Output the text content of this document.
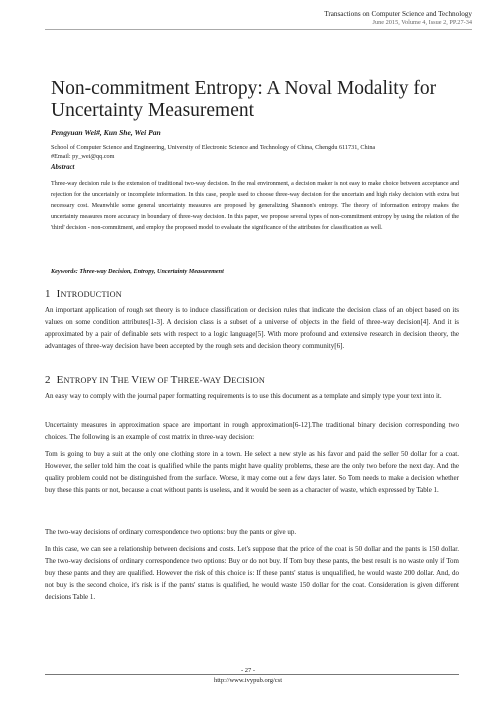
Transactions on Computer Science and Technology
June 2015, Volume 4, Issue 2, PP.27-34
Non-commitment Entropy: A Noval Modality for Uncertainty Measurement
Pengyuan Wei#, Kun She, Wei Pan
School of Computer Science and Engineering, University of Electronic Science and Technology of China, Chengdu 611731, China
#Email: py_wei@qq.com
Abstract
Three-way decision rule is the extension of traditional two-way decision. In the real environment, a decision maker is not easy to make choice between acceptance and rejection for the uncertainly or incomplete information. In this case, people used to choose three-way decision for the uncertain and high risky decision with extra but necessary cost. Meanwhile some general uncertainty measures are proposed by generalizing Shannon's entropy. The theory of information entropy makes the uncertainty measures more accuracy in boundary of three-way decision. In this paper, we propose several types of non-commitment entropy by using the relation of the 'third' decision - non-commitment, and employ the proposed model to evaluate the significance of the attributes for classification as well.
Keywords: Three-way Decision, Entropy, Uncertainty Measurement
1 INTRODUCTION
An important application of rough set theory is to induce classification or decision rules that indicate the decision class of an object based on its values on some condition attributes[1-3]. A decision class is a subset of a universe of objects in the field of three-way decision[4]. And it is approximated by a pair of definable sets with respect to a logic language[5]. With more profound and extensive research in decision theory, the advantages of three-way decision have been accepted by the rough sets and decision theory community[6].
2 ENTROPY IN THE VIEW OF THREE-WAY DECISION
An easy way to comply with the journal paper formatting requirements is to use this document as a template and simply type your text into it.
Uncertainty measures in approximation space are important in rough approximation[6-12].The traditional binary decision corresponding two choices. The following is an example of cost matrix in three-way decision:
Tom is going to buy a suit at the only one clothing store in a town. He select a new style as his favor and paid the seller 50 dollar for a coat. However, the seller told him the coat is qualified while the pants might have quality problems, these are the only two before the next day. And the quality problem could not be distinguished from the surface. Worse, it may come out a few days later. So Tom needs to make a decision whether buy these this pants or not, because a coat without pants is useless, and it would be seen as a character of waste, which expressed by Table 1.
The two-way decisions of ordinary correspondence two options: buy the pants or give up.
In this case, we can see a relationship between decisions and costs. Let's suppose that the price of the coat is 50 dollar and the pants is 150 dollar. The two-way decisions of ordinary correspondence two options: Buy or do not buy. If Tom buy these pants, the best result is no waste only if Tom buy these pants and they are qualified. However the risk of this choice is: If these pants' status is unqualified, he would waste 200 dollar. And, do not buy is the second choice, it's risk is if the pants' status is qualified, he would waste 150 dollar for the coat. Consideration is given different decisions Table 1.
- 27 -
http://www.ivypub.org/cst
